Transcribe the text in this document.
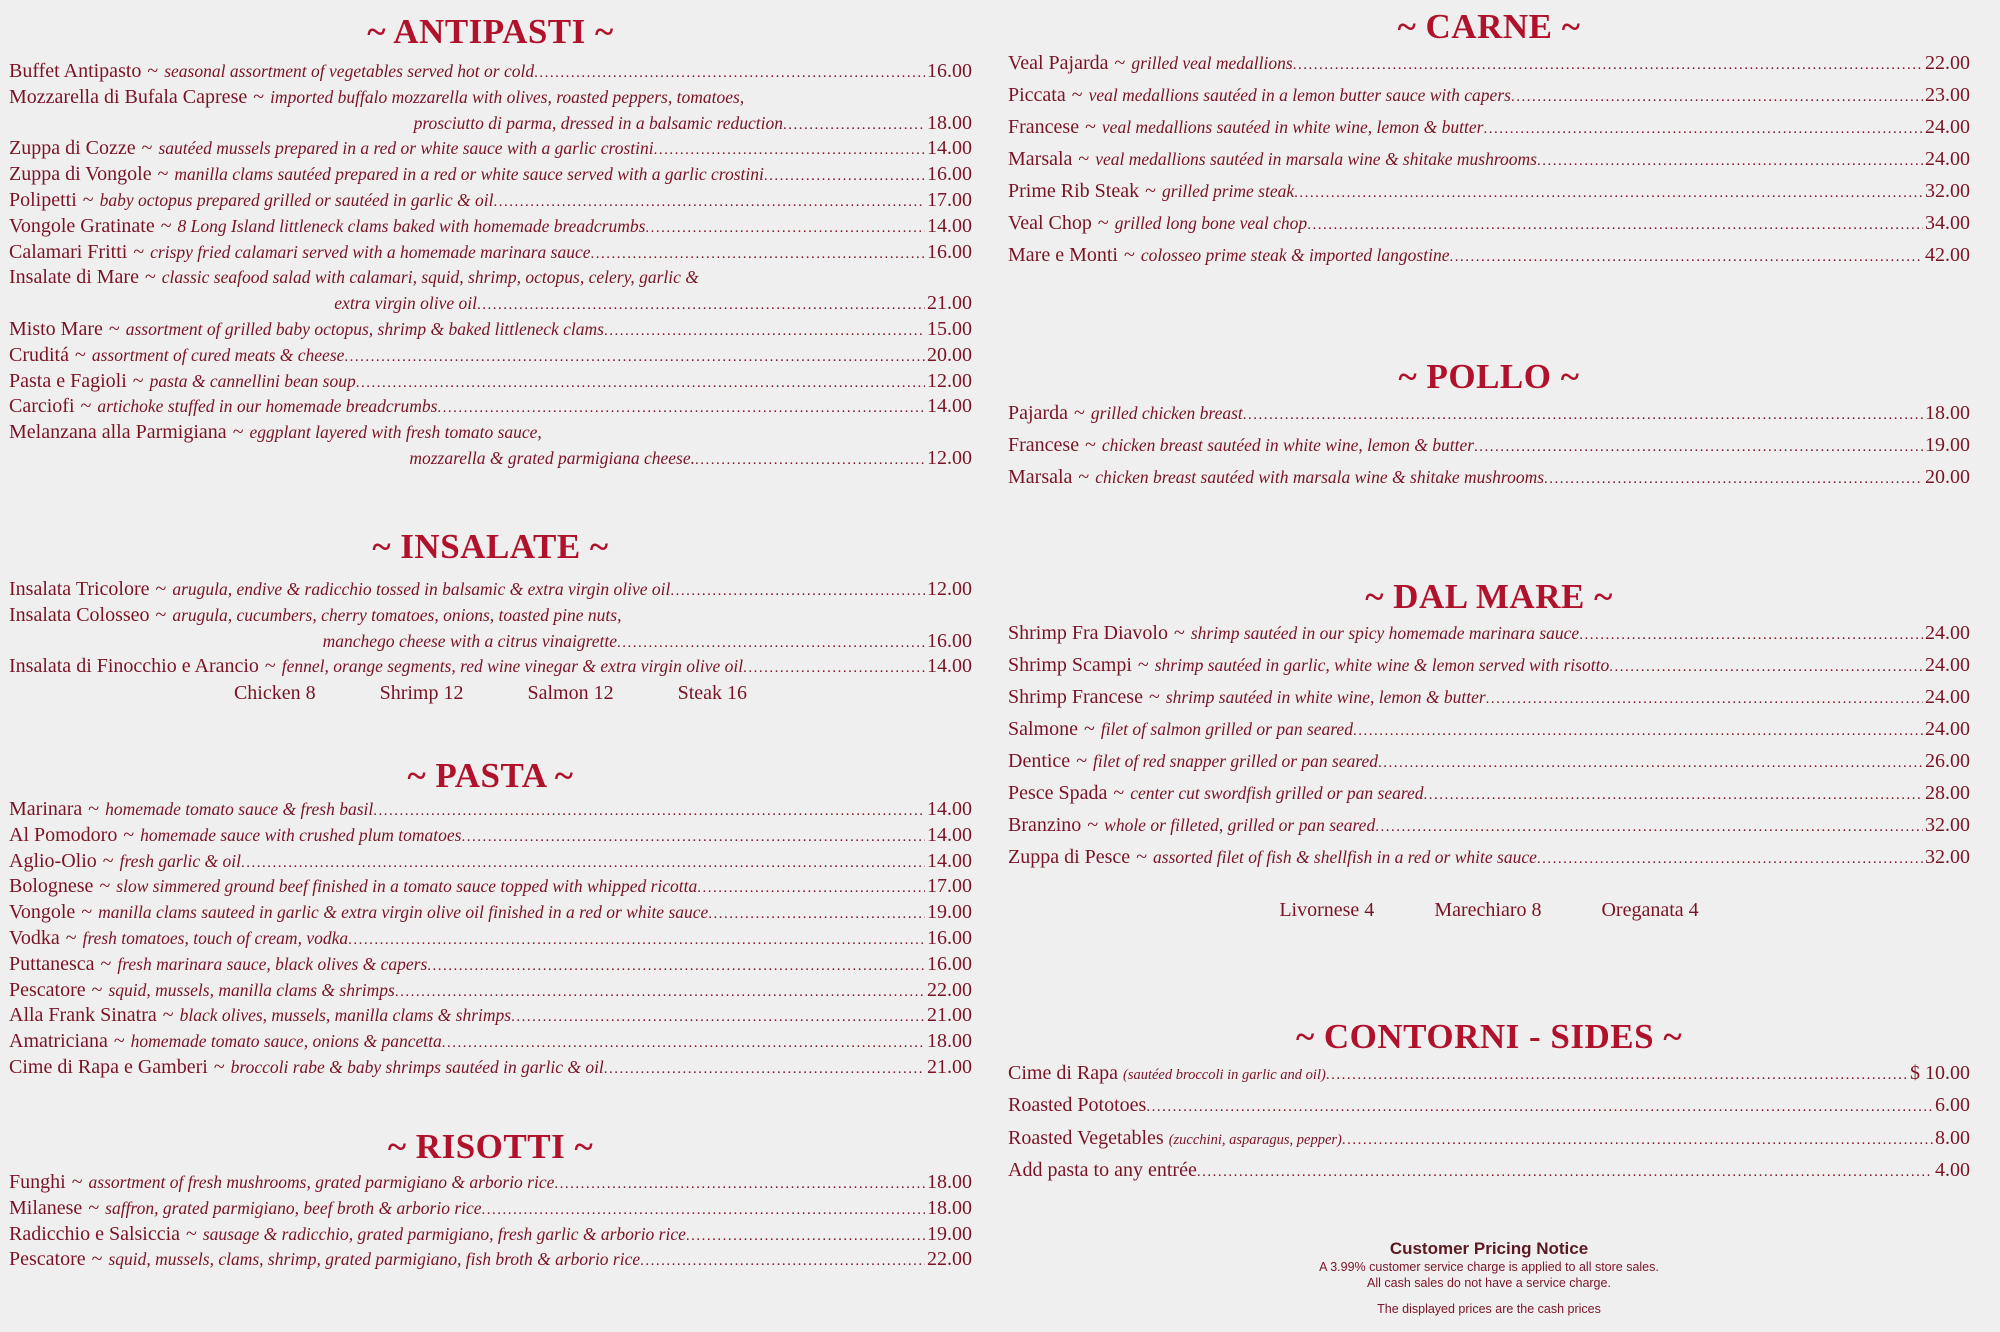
~ ANTIPASTI ~
Buffet Antipasto ~ seasonal assortment of vegetables served hot or cold .....	16.00
Mozzarella di Bufala Caprese ~ imported buffalo mozzarella with olives, roasted peppers, tomatoes,
prosciutto di parma, dressed in a balsamic reduction .....	18.00
Zuppa di Cozze ~ sautéed mussels prepared in a red or white sauce with a garlic crostini .....	14.00
Zuppa di Vongole ~ manilla clams sautéed prepared in a red or white sauce served with a garlic crostini .....	16.00
Polipetti ~ baby octopus prepared grilled or sautéed in garlic & oil .....	17.00
Vongole Gratinate ~ 8 Long Island littleneck clams baked with homemade breadcrumbs .....	14.00
Calamari Fritti ~ crispy fried calamari served with a homemade marinara sauce .....	16.00
Insalate di Mare ~ classic seafood salad with calamari, squid, shrimp, octopus, celery, garlic &
extra virgin olive oil .....	21.00
Misto Mare ~ assortment of grilled baby octopus, shrimp & baked littleneck clams .....	15.00
Cruditá ~ assortment of cured meats & cheese .....	20.00
Pasta e Fagioli ~ pasta & cannellini bean soup .....	12.00
Carciofi ~ artichoke stuffed in our homemade breadcrumbs .....	14.00
Melanzana alla Parmigiana ~ eggplant layered with fresh tomato sauce,
mozzarella & grated parmigiana cheese. .....	12.00
~ INSALATE ~
Insalata Tricolore ~ arugula, endive & radicchio tossed in balsamic & extra virgin olive oil .....	12.00
Insalata Colosseo ~ arugula, cucumbers, cherry tomatoes, onions, toasted pine nuts,
manchego cheese with a citrus vinaigrette .....	16.00
Insalata di Finocchio e Arancio ~ fennel, orange segments, red wine vinegar & extra virgin olive oil .....	14.00
Chicken 8	Shrimp 12	Salmon 12	Steak 16
~ PASTA ~
Marinara ~ homemade tomato sauce & fresh basil .....	14.00
Al Pomodoro ~ homemade sauce with crushed plum tomatoes .....	14.00
Aglio-Olio ~ fresh garlic & oil .....	14.00
Bolognese ~ slow simmered ground beef finished in a tomato sauce topped with whipped ricotta .....	17.00
Vongole ~ manilla clams sauteed in garlic & extra virgin olive oil finished in a red or white sauce .....	19.00
Vodka ~ fresh tomatoes, touch of cream, vodka .....	16.00
Puttanesca ~ fresh marinara sauce, black olives & capers .....	16.00
Pescatore ~ squid, mussels, manilla clams & shrimps .....	22.00
Alla Frank Sinatra ~ black olives, mussels, manilla clams & shrimps .....	21.00
Amatriciana ~ homemade tomato sauce, onions & pancetta .....	18.00
Cime di Rapa e Gamberi ~ broccoli rabe & baby shrimps sautéed in garlic & oil .....	21.00
~ RISOTTI ~
Funghi ~ assortment of fresh mushrooms, grated parmigiano & arborio rice .....	18.00
Milanese ~ saffron, grated parmigiano, beef broth & arborio rice .....	18.00
Radicchio e Salsiccia ~ sausage & radicchio, grated parmigiano, fresh garlic & arborio rice .....	19.00
Pescatore ~ squid, mussels, clams, shrimp, grated parmigiano, fish broth & arborio rice .....	22.00
~ CARNE ~
Veal Pajarda ~ grilled veal medallions .....	22.00
Piccata ~ veal medallions sautéed in a lemon butter sauce with capers .....	23.00
Francese ~ veal medallions sautéed in white wine, lemon & butter .....	24.00
Marsala ~ veal medallions sautéed in marsala wine & shitake mushrooms .....	24.00
Prime Rib Steak ~ grilled prime steak .....	32.00
Veal Chop ~ grilled long bone veal chop .....	34.00
Mare e Monti ~ colosseo prime steak & imported langostine .....	42.00
~ POLLO ~
Pajarda ~ grilled chicken breast .....	18.00
Francese ~ chicken breast sautéed in white wine, lemon & butter .....	19.00
Marsala ~ chicken breast sautéed with marsala wine & shitake mushrooms .....	20.00
~ DAL MARE ~
Shrimp Fra Diavolo ~ shrimp sautéed in our spicy homemade marinara sauce .....	24.00
Shrimp Scampi ~ shrimp sautéed in garlic, white wine & lemon served with risotto .....	24.00
Shrimp Francese ~ shrimp sautéed in white wine, lemon & butter .....	24.00
Salmone ~ filet of salmon grilled or pan seared .....	24.00
Dentice ~ filet of red snapper grilled or pan seared .....	26.00
Pesce Spada ~ center cut swordfish grilled or pan seared .....	28.00
Branzino ~ whole or filleted, grilled or pan seared .....	32.00
Zuppa di Pesce ~ assorted filet of fish & shellfish in a red or white sauce .....	32.00
Livornese 4	Marechiaro 8	Oreganata 4
~ CONTORNI - SIDES ~
Cime di Rapa (sautéed broccoli in garlic and oil) .....	$ 10.00
Roasted Pototoes .....	6.00
Roasted Vegetables (zucchini, asparagus, pepper) .....	8.00
Add pasta to any entrée .....	4.00
Customer Pricing Notice
A 3.99% customer service charge is applied to all store sales.
All cash sales do not have a service charge.
The displayed prices are the cash prices
